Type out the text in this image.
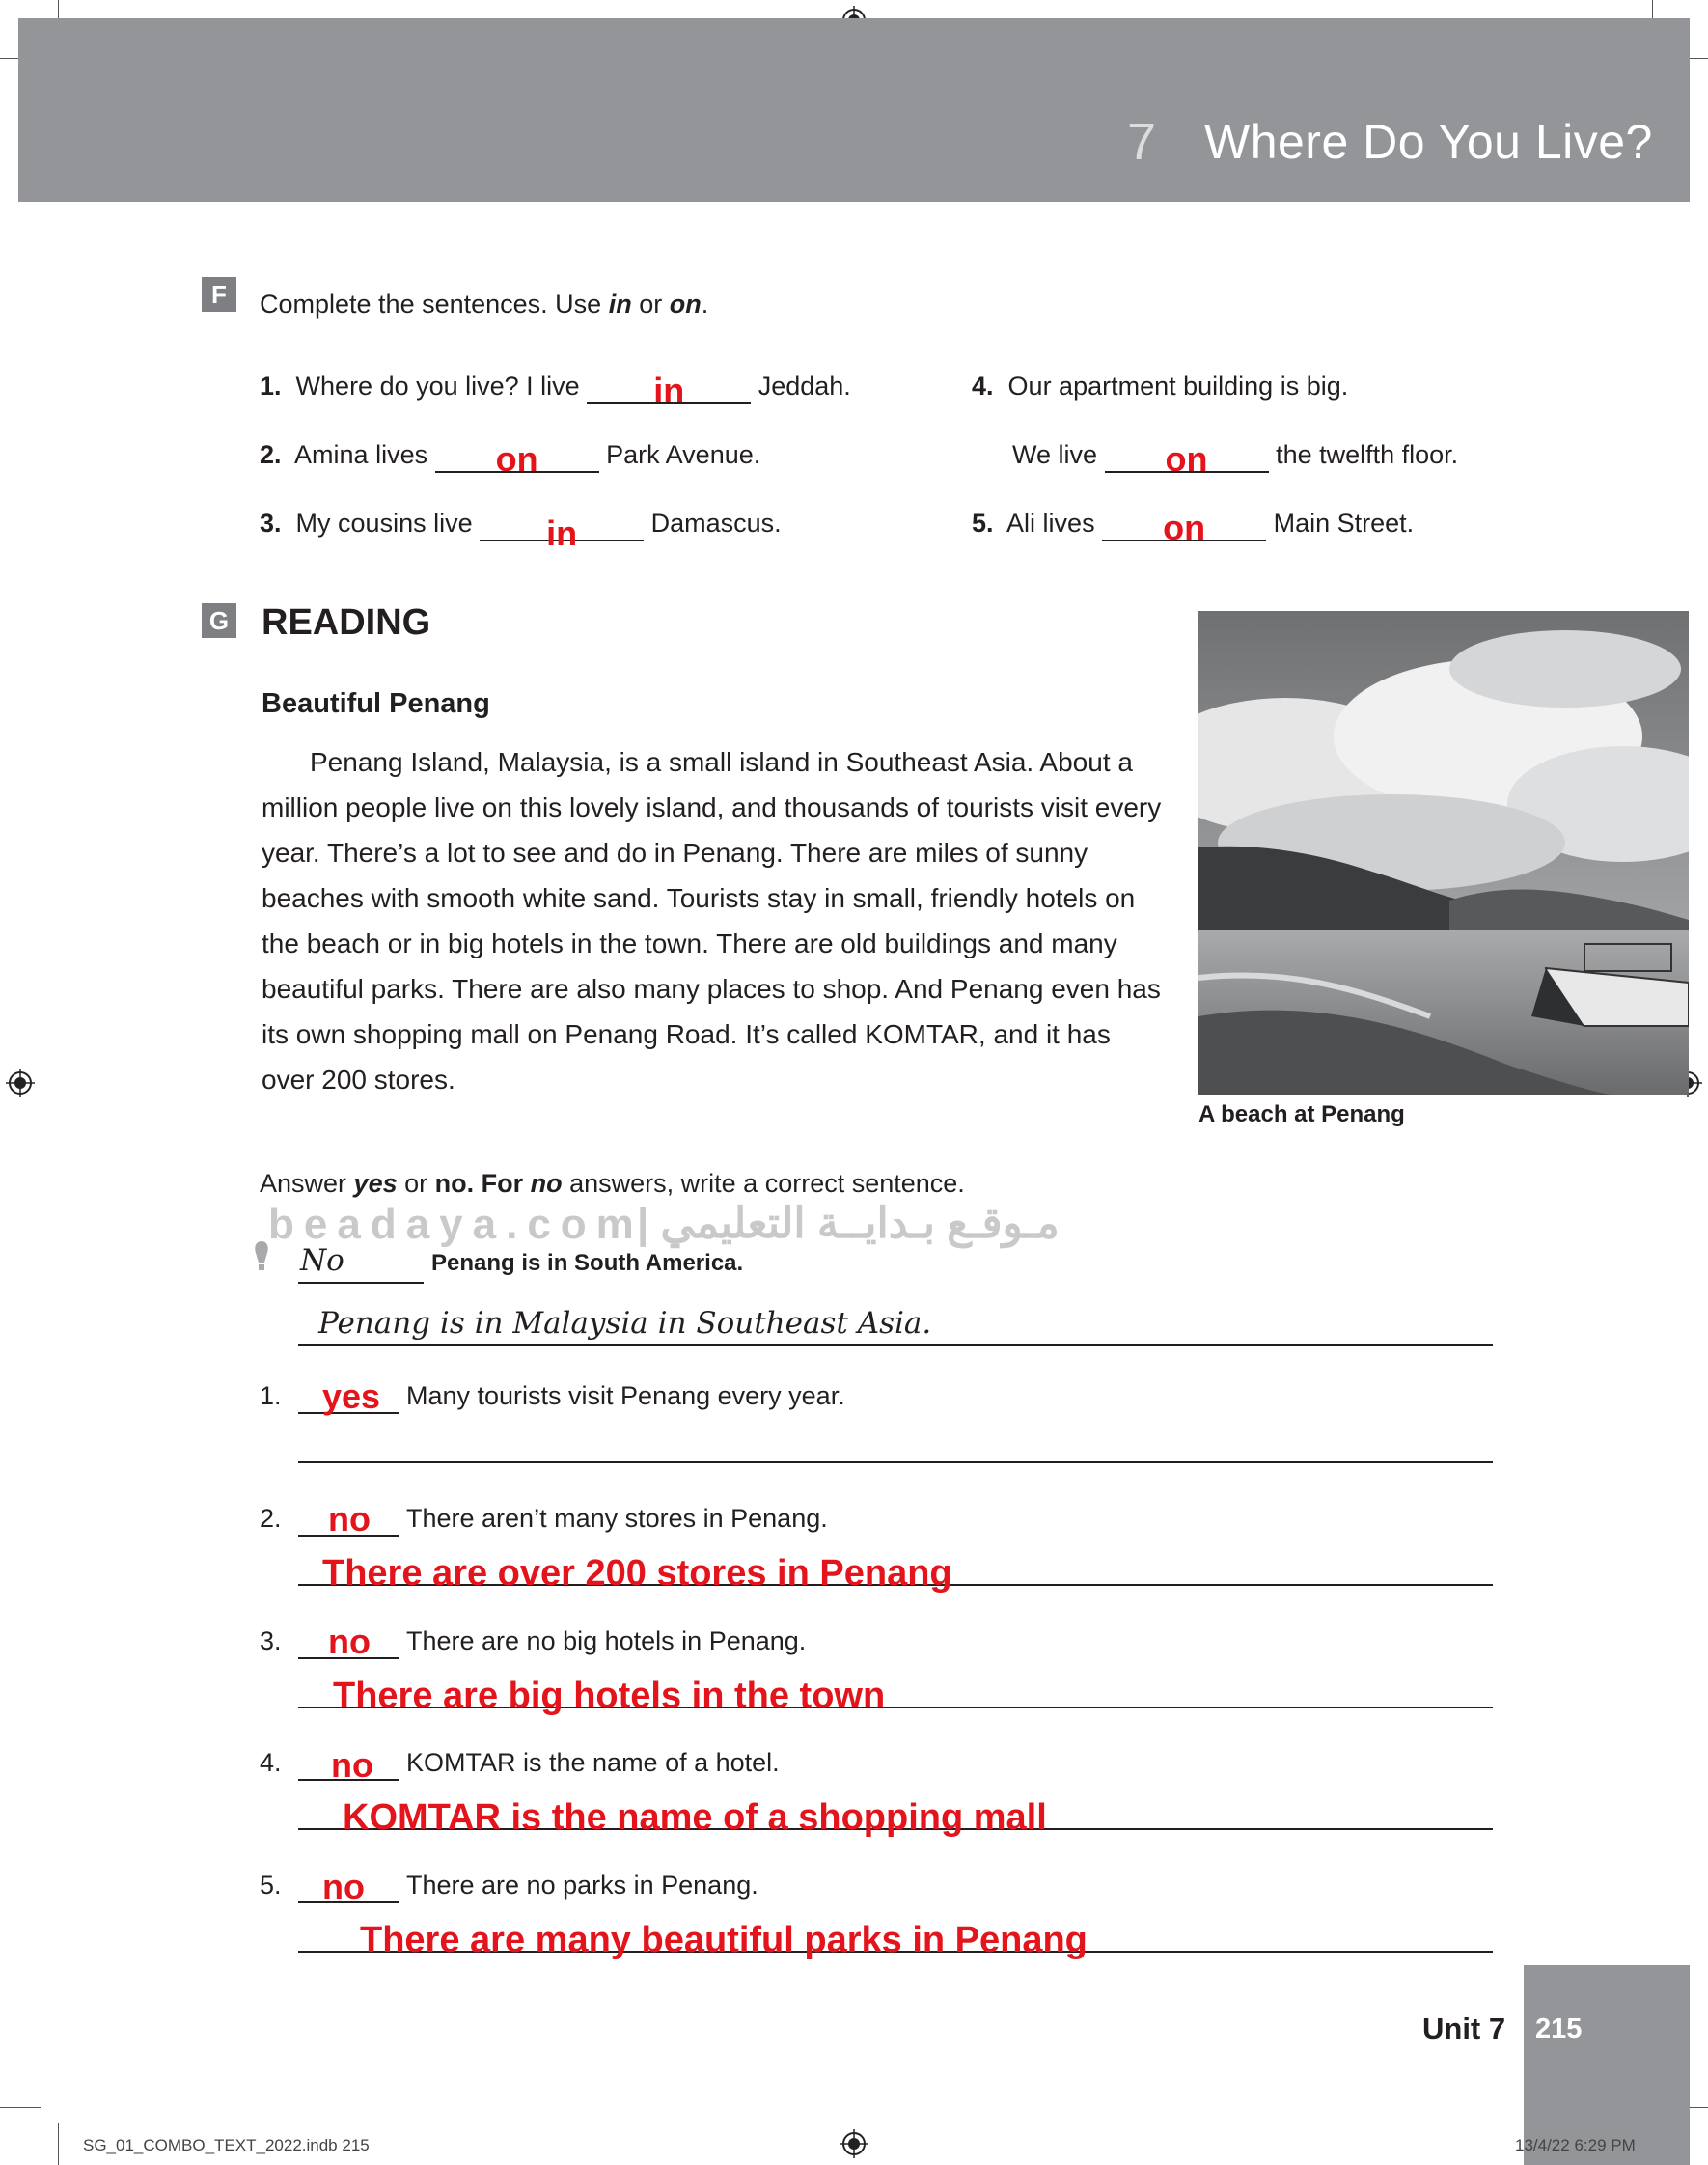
7 Where Do You Live?
F	Complete the sentences. Use in or on.
1. Where do you live? I live	in	Jeddah.
2. Amina lives	on	Park Avenue.
3. My cousins live	in	Damascus.
4. Our apartment building is big.
We live	on	the twelfth floor.
5. Ali lives	on	Main Street.
G READING
Beautiful Penang

Penang Island, Malaysia, is a small island in Southeast Asia. About a million people live on this lovely island, and thousands of tourists visit every year. There’s a lot to see and do in Penang. There are miles of sunny beaches with smooth white sand. Tourists stay in small, friendly hotels on the beach or in big hotels in the town. There are old buildings and many beautiful parks. There are also many places to shop. And Penang even has its own shopping mall on Penang Road. It’s called KOMTAR, and it has over 200 stores.

A beach at Penang
beadaya.com
| مـوقـع بـدايــة التعليمي
Answer yes or no. For no answers, write a correct sentence.
No	Penang is in South America.
Penang is in Malaysia in Southeast Asia.
1. yes Many tourists visit Penang every year.
2. no There aren’t many stores in Penang.
There are over 200 stores in Penang
3. no There are no big hotels in Penang.
There are big hotels in the town
4. no KOMTAR is the name of a hotel.
KOMTAR is the name of a shopping mall
5. no There are no parks in Penang.
There are many beautiful parks in Penang
215
Unit 7
SG_01_COMBO_TEXT_2022.indb 215	13/4/22 6:29 PM
